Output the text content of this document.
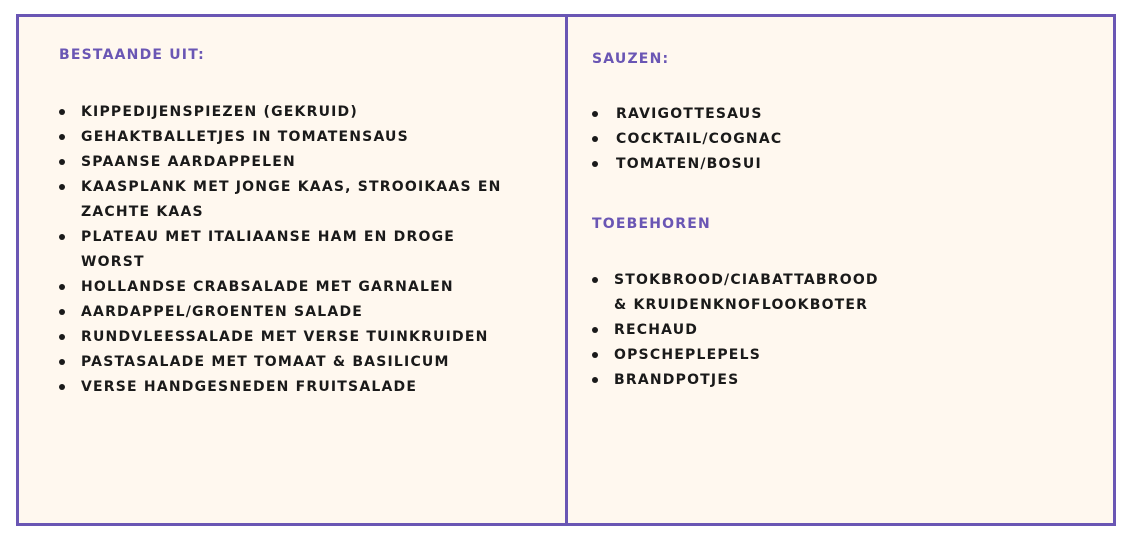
BESTAANDE UIT:
KIPPEDIJENSPIEZEN (GEKRUID)
GEHAKTBALLETJES IN TOMATENSAUS
SPAANSE AARDAPPELEN
KAASPLANK MET JONGE KAAS, STROOIKAAS EN
ZACHTE KAAS
PLATEAU MET ITALIAANSE HAM EN DROGE
WORST
HOLLANDSE CRABSALADE MET GARNALEN
AARDAPPEL/GROENTEN SALADE
RUNDVLEESSALADE MET VERSE TUINKRUIDEN
PASTASALADE MET TOMAAT & BASILICUM
VERSE HANDGESNEDEN FRUITSALADE
SAUZEN:
RAVIGOTTESAUS
COCKTAIL/COGNAC
TOMATEN/BOSUI
TOEBEHOREN
STOKBROOD/CIABATTABROOD
& KRUIDENKNOFLOOKBOTER
RECHAUD
OPSCHEPLEPELS
BRANDPOTJES
